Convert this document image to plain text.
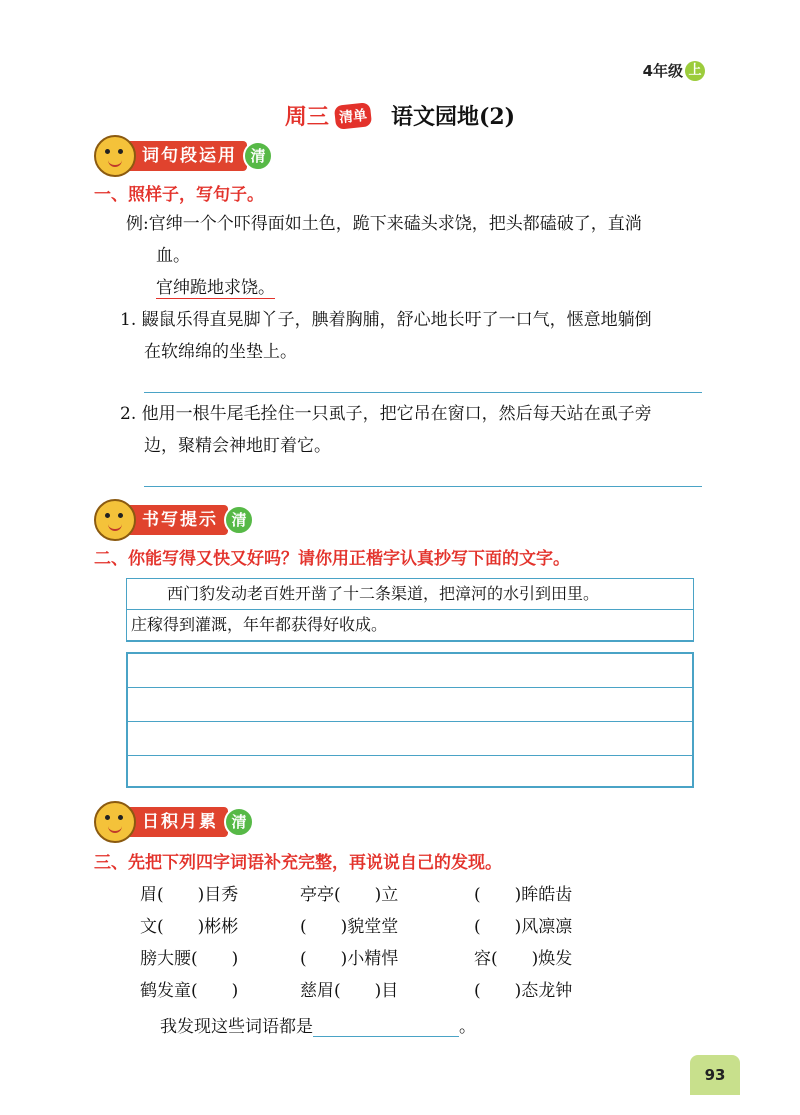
4年级 上
周三 清单 语文园地(2)
词句段运用 清
一、照样子，写句子。
例:官绅一个个吓得面如土色，跪下来磕头求饶，把头都磕破了，直淌
血。
官绅跪地求饶。
1. 鼹鼠乐得直晃脚丫子，腆着胸脯，舒心地长吁了一口气，惬意地躺倒
在软绵绵的坐垫上。
2. 他用一根牛尾毛拴住一只虱子，把它吊在窗口，然后每天站在虱子旁
边，聚精会神地盯着它。
书写提示 清
二、你能写得又快又好吗？请你用正楷字认真抄写下面的文字。
西门豹发动老百姓开凿了十二条渠道，把漳河的水引到田里。
庄稼得到灌溉，年年都获得好收成。
日积月累 清
三、先把下列四字词语补充完整，再说说自己的发现。
眉(　　)目秀	亭亭(　　)立	(　　)眸皓齿
文(　　)彬彬	(　　)貌堂堂	(　　)风凛凛
膀大腰(　　)	(　　)小精悍	容(　　)焕发
鹤发童(　　)	慈眉(　　)目	(　　)态龙钟
我发现这些词语都是	。
93
